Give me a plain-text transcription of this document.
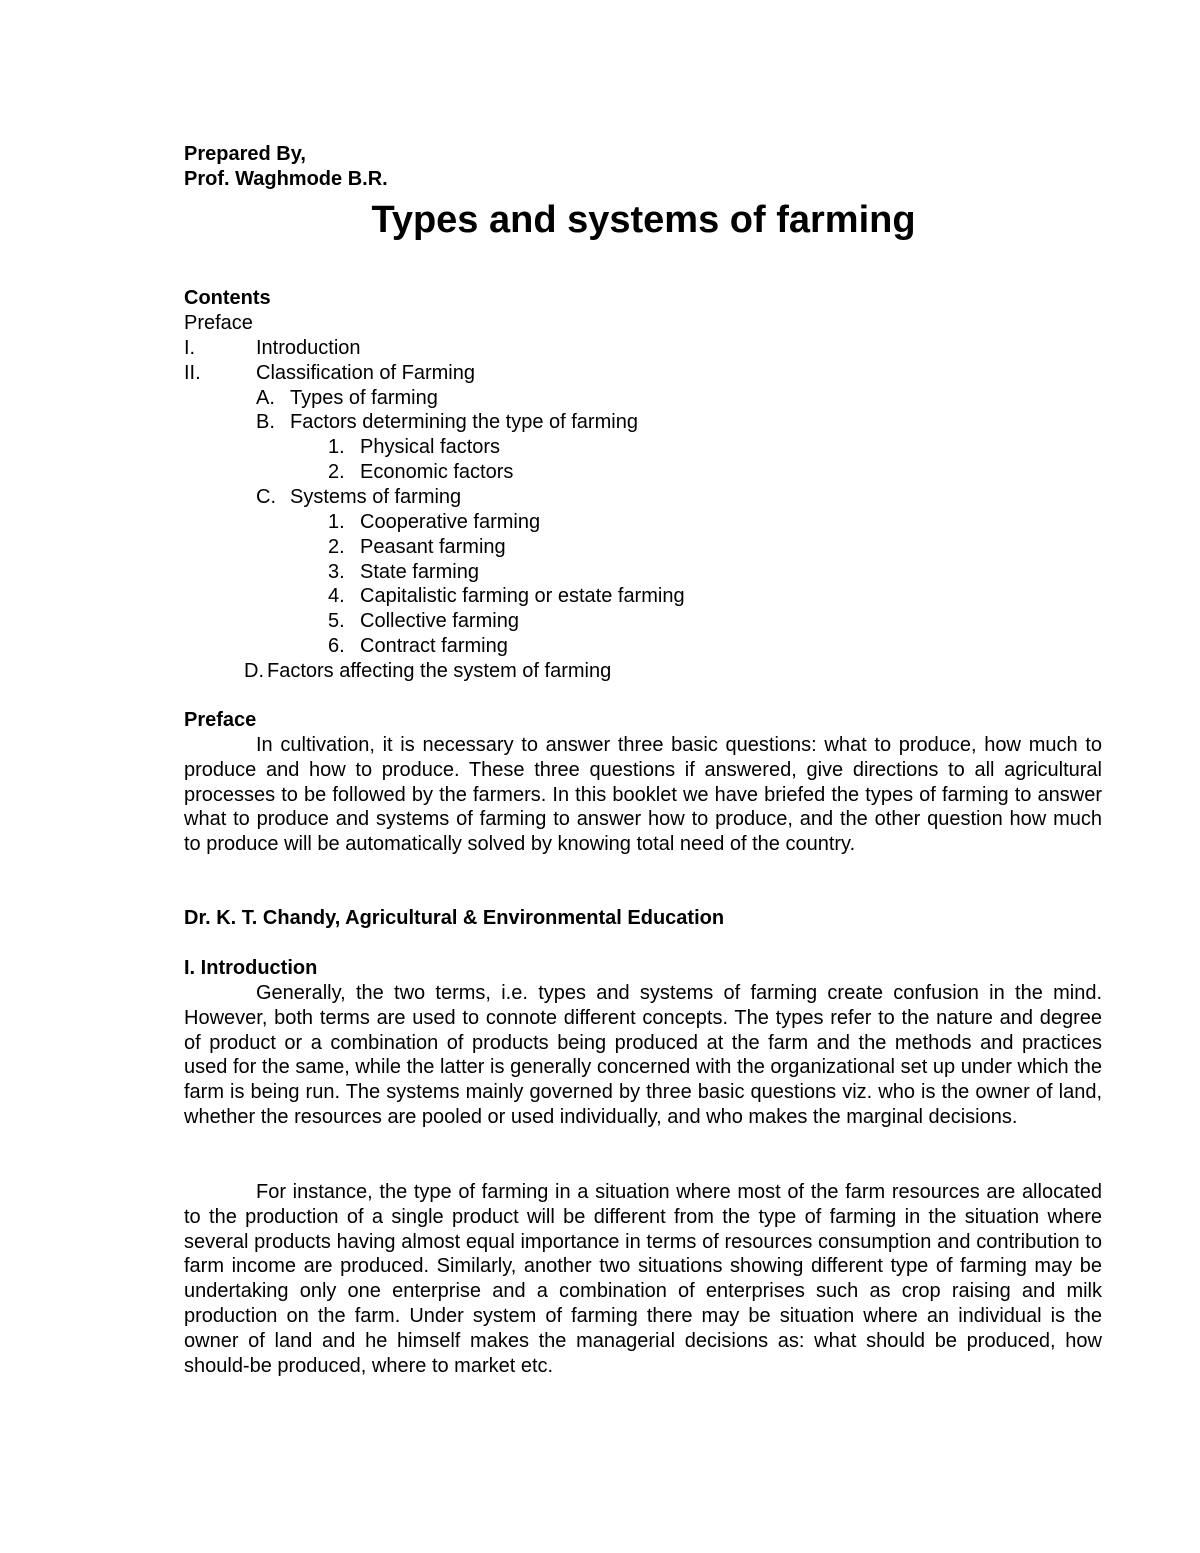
Prepared By,
Prof. Waghmode B.R.
Types and systems of farming
Contents
Preface
I.	Introduction
II.	Classification of Farming
A. Types of farming
B. Factors determining the type of farming
1. Physical factors
2. Economic factors
C. Systems of farming
1. Cooperative farming
2. Peasant farming
3. State farming
4. Capitalistic farming or estate farming
5. Collective farming
6. Contract farming
D. Factors affecting the system of farming
Preface
In cultivation, it is necessary to answer three basic questions: what to produce, how much to produce and how to produce. These three questions if answered, give directions to all agricultural processes to be followed by the farmers. In this booklet we have briefed the types of farming to answer what to produce and systems of farming to answer how to produce, and the other question how much to produce will be automatically solved by knowing total need of the country.
Dr. K. T. Chandy, Agricultural & Environmental Education
I. Introduction
Generally, the two terms, i.e. types and systems of farming create confusion in the mind. However, both terms are used to connote different concepts. The types refer to the nature and degree of product or a combination of products being produced at the farm and the methods and practices used for the same, while the latter is generally concerned with the organizational set up under which the farm is being run. The systems mainly governed by three basic questions viz. who is the owner of land, whether the resources are pooled or used individually, and who makes the marginal decisions.
For instance, the type of farming in a situation where most of the farm resources are allocated to the production of a single product will be different from the type of farming in the situation where several products having almost equal importance in terms of resources consumption and contribution to farm income are produced. Similarly, another two situations showing different type of farming may be undertaking only one enterprise and a combination of enterprises such as crop raising and milk production on the farm. Under system of farming there may be situation where an individual is the owner of land and he himself makes the managerial decisions as: what should be produced, how should-be produced, where to market etc.
